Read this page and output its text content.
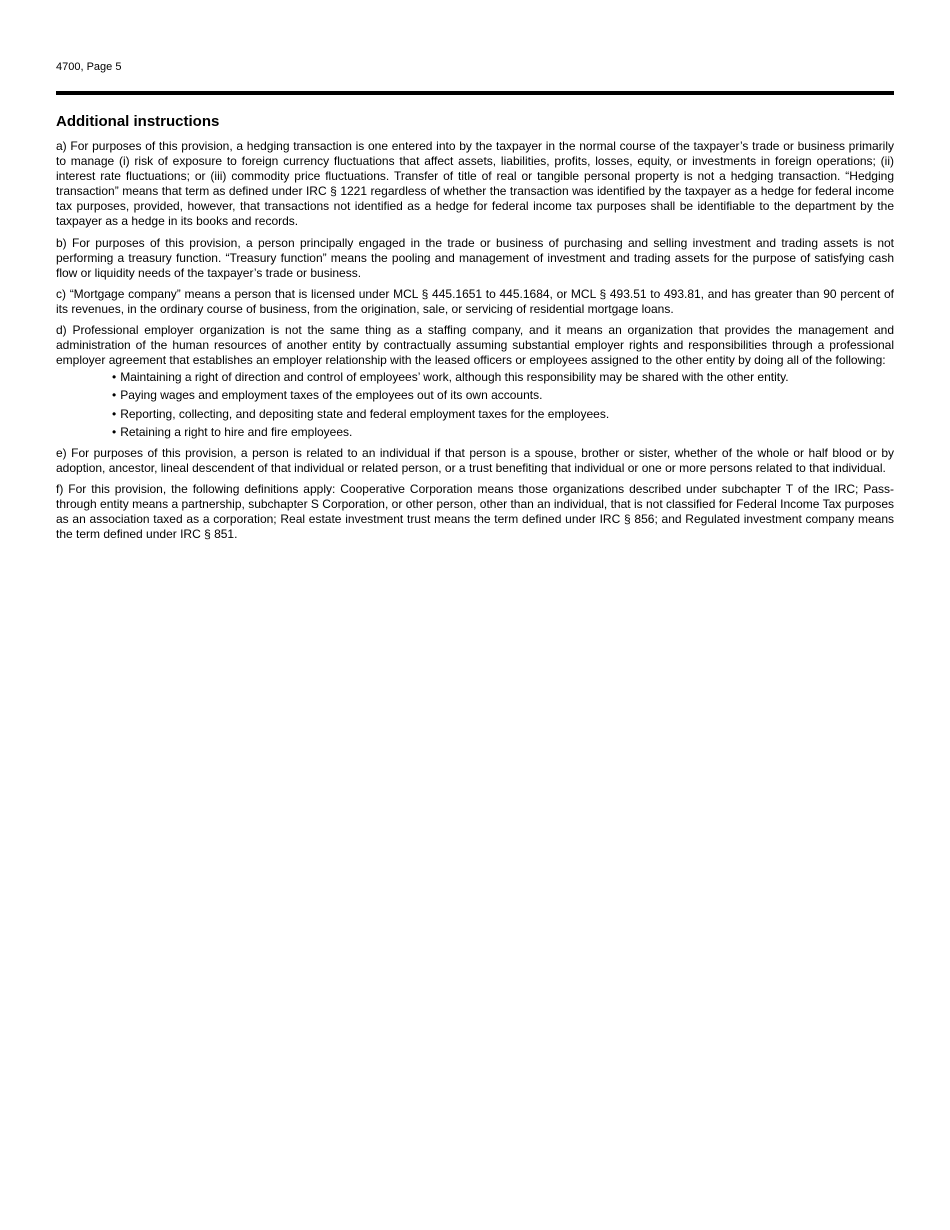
4700, Page 5
Additional instructions

a) For purposes of this provision, a hedging transaction is one entered into by the taxpayer in the normal course of the taxpayer’s trade or business primarily to manage (i) risk of exposure to foreign currency fluctuations that affect assets, liabilities, profits, losses, equity, or investments in foreign operations; (ii) interest rate fluctuations; or (iii) commodity price fluctuations. Transfer of title of real or tangible personal property is not a hedging transaction. “Hedging transaction” means that term as defined under IRC § 1221 regardless of whether the transaction was identified by the taxpayer as a hedge for federal income tax purposes, provided, however, that transactions not identified as a hedge for federal income tax purposes shall be identifiable to the department by the taxpayer as a hedge in its books and records.

b) For purposes of this provision, a person principally engaged in the trade or business of purchasing and selling investment and trading assets is not performing a treasury function. “Treasury function” means the pooling and management of investment and trading assets for the purpose of satisfying cash flow or liquidity needs of the taxpayer’s trade or business.

c) “Mortgage company” means a person that is licensed under MCL § 445.1651 to 445.1684, or MCL § 493.51 to 493.81, and has greater than 90 percent of its revenues, in the ordinary course of business, from the origination, sale, or servicing of residential mortgage loans.

d) Professional employer organization is not the same thing as a staffing company, and it means an organization that provides the management and administration of the human resources of another entity by contractually assuming substantial employer rights and responsibilities through a professional employer agreement that establishes an employer relationship with the leased officers or employees assigned to the other entity by doing all of the following:

• Maintaining a right of direction and control of employees’ work, although this responsibility may be shared with the other entity.
• Paying wages and employment taxes of the employees out of its own accounts.
• Reporting, collecting, and depositing state and federal employment taxes for the employees.
• Retaining a right to hire and fire employees.

e) For purposes of this provision, a person is related to an individual if that person is a spouse, brother or sister, whether of the whole or half blood or by adoption, ancestor, lineal descendent of that individual or related person, or a trust benefiting that individual or one or more persons related to that individual.

f) For this provision, the following definitions apply: Cooperative Corporation means those organizations described under subchapter T of the IRC; Pass-through entity means a partnership, subchapter S Corporation, or other person, other than an individual, that is not classified for Federal Income Tax purposes as an association taxed as a corporation; Real estate investment trust means the term defined under IRC § 856; and Regulated investment company means the term defined under IRC § 851.
